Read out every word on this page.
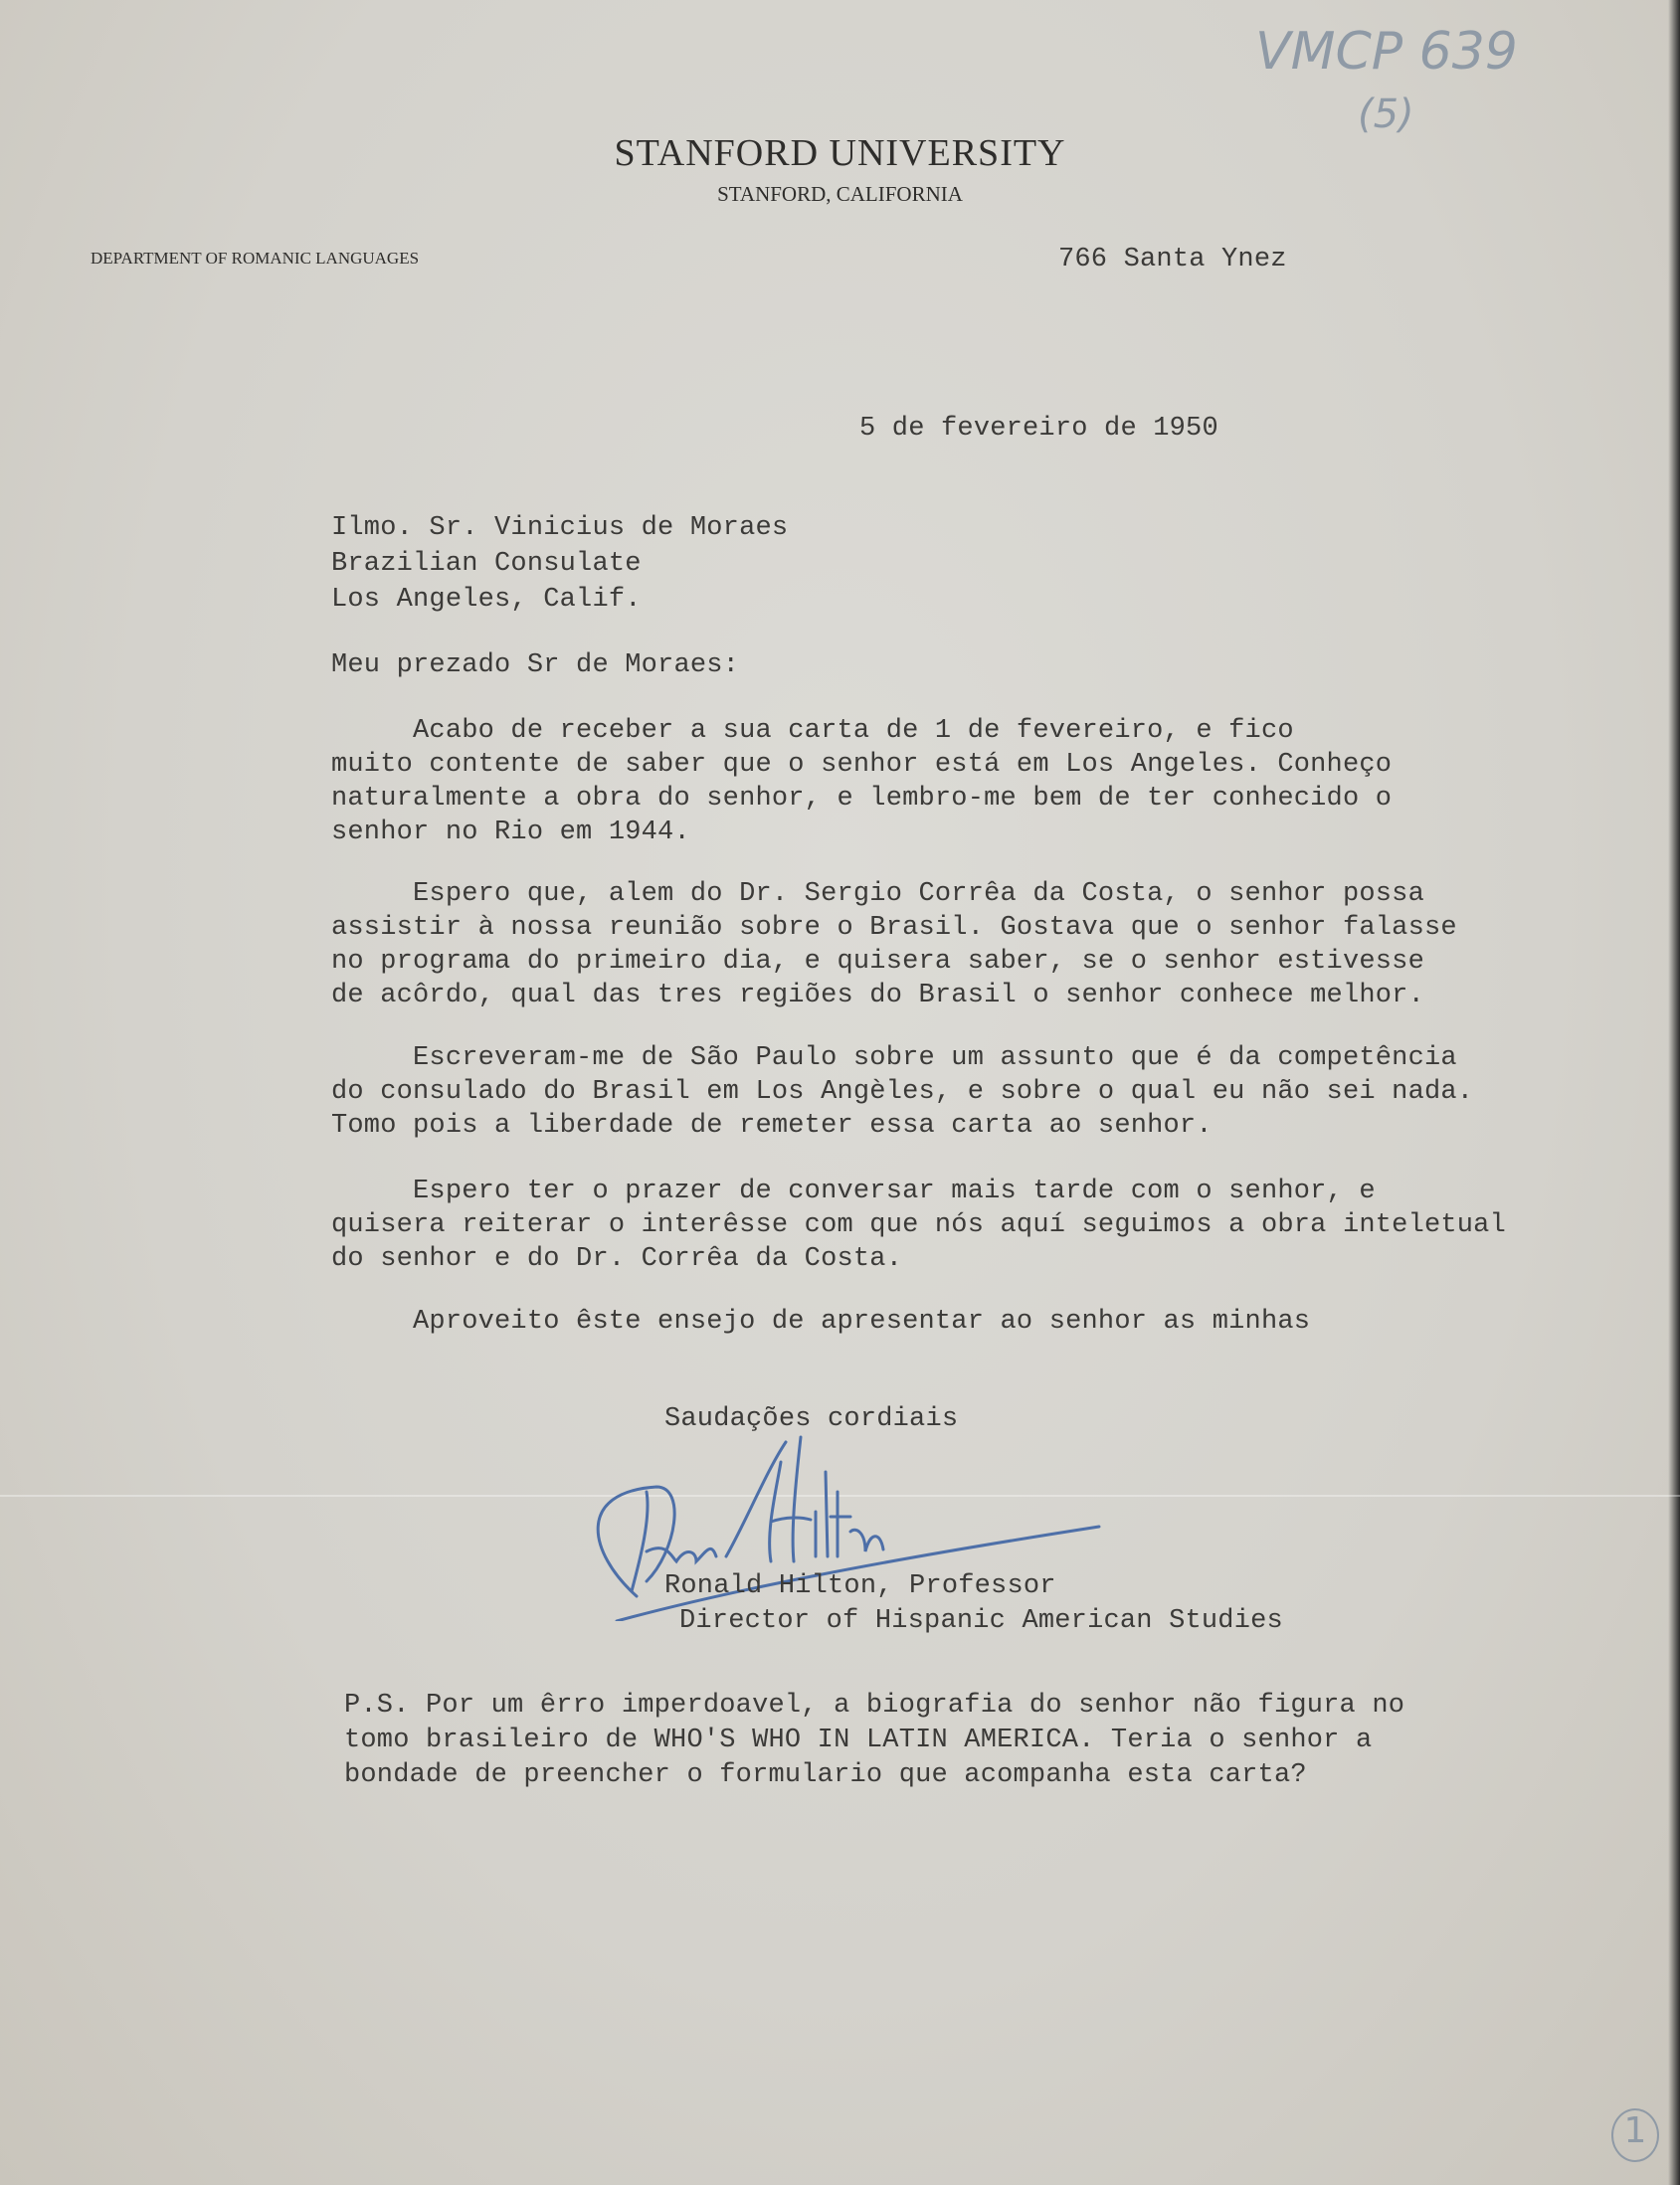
VMCP 639
(5)
1
STANFORD UNIVERSITY
STANFORD, CALIFORNIA
DEPARTMENT OF ROMANIC LANGUAGES	766 Santa Ynez
5 de fevereiro de 1950
Ilmo. Sr. Vinicius de Moraes
Brazilian Consulate
Los Angeles, Calif.
Meu prezado Sr de Moraes:
Acabo de receber a sua carta de 1 de fevereiro, e fico
muito contente de saber que o senhor está em Los Angeles. Conheço
naturalmente a obra do senhor, e lembro-me bem de ter conhecido o
senhor no Rio em 1944.
Espero que, alem do Dr. Sergio Corrêa da Costa, o senhor possa
assistir à nossa reunião sobre o Brasil. Gostava que o senhor falasse
no programa do primeiro dia, e quisera saber, se o senhor estivesse
de acôrdo, qual das tres regiões do Brasil o senhor conhece melhor.
Escreveram-me de São Paulo sobre um assunto que é da competência
do consulado do Brasil em Los Angèles, e sobre o qual eu não sei nada.
Tomo pois a liberdade de remeter essa carta ao senhor.
Espero ter o prazer de conversar mais tarde com o senhor, e
quisera reiterar o interêsse com que nós aquí seguimos a obra inteletual
do senhor e do Dr. Corrêa da Costa.
Aproveito êste ensejo de apresentar ao senhor as minhas
Saudações cordiais
Ronald Hilton, Professor
Director of Hispanic American Studies
P.S. Por um êrro imperdoavel, a biografia do senhor não figura no
tomo brasileiro de WHO'S WHO IN LATIN AMERICA. Teria o senhor a
bondade de preencher o formulario que acompanha esta carta?
